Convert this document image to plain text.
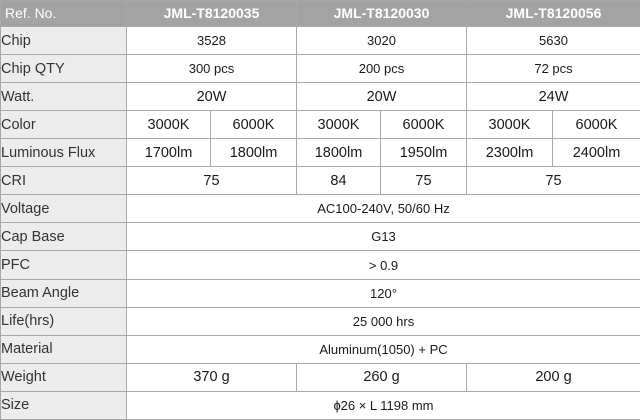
Ref. No.	JML-T8120035		JML-T8120030		JML-T8120056	
Chip	3528		3020		5630	
Chip QTY	300 pcs		200 pcs		72 pcs	
Watt.	20W		20W		24W	
Color	3000K	6000K	3000K	6000K	3000K	6000K
Luminous Flux	1700lm	1800lm	1800lm	1950lm	2300lm	2400lm
CRI	75		84	75	75	
Voltage	AC100-240V, 50/60 Hz					
Cap Base	G13					
PFC	> 0.9					
Beam Angle	120°					
Life(hrs)	25 000 hrs					
Material	Aluminum(1050) + PC					
Weight	370 g		260 g		200 g	
Size	ɸ26 × L 1198 mm					
